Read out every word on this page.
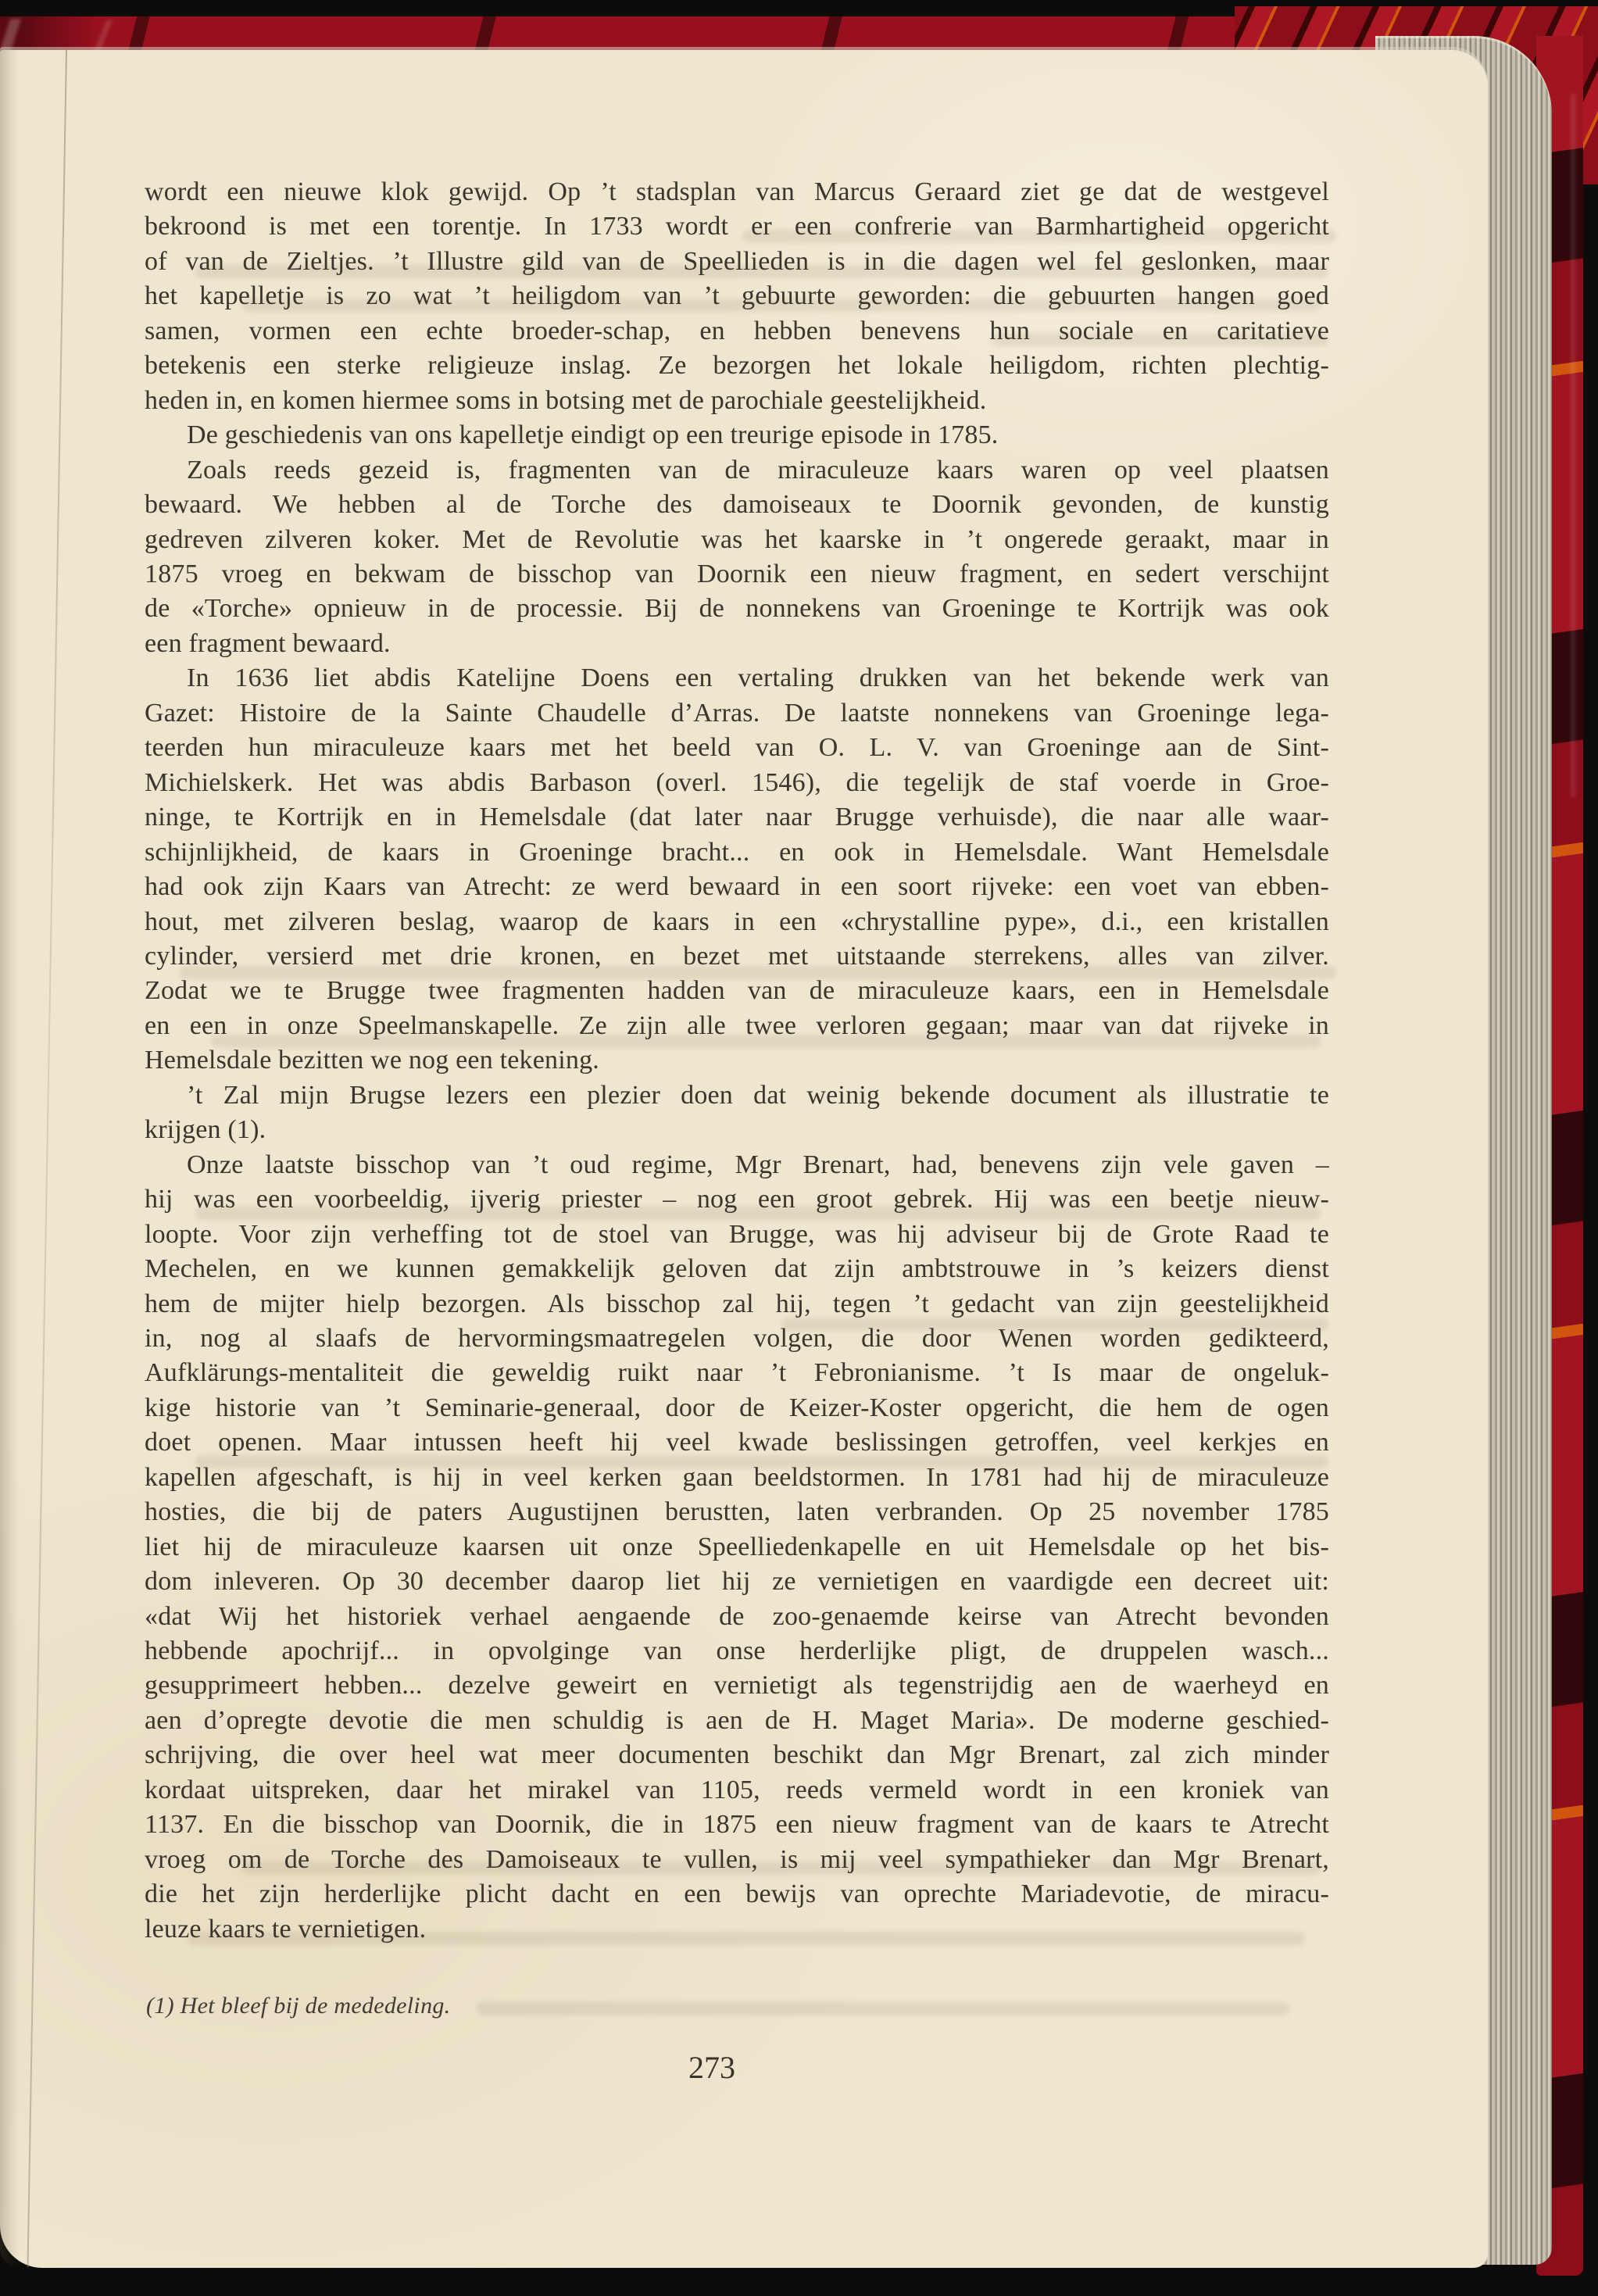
wordt een nieuwe klok gewijd. Op ’t stadsplan van Marcus Geraard ziet ge dat de westgevel
bekroond is met een torentje. In 1733 wordt er een confrerie van Barmhartigheid opgericht
of van de Zieltjes. ’t Illustre gild van de Speellieden is in die dagen wel fel geslonken, maar
het kapelletje is zo wat ’t heiligdom van ’t gebuurte geworden: die gebuurten hangen goed
samen, vormen een echte broeder-schap, en hebben benevens hun sociale en caritatieve
betekenis een sterke religieuze inslag. Ze bezorgen het lokale heiligdom, richten plechtig-
heden in, en komen hiermee soms in botsing met de parochiale geestelijkheid.
De geschiedenis van ons kapelletje eindigt op een treurige episode in 1785.
Zoals reeds gezeid is, fragmenten van de miraculeuze kaars waren op veel plaatsen
bewaard. We hebben al de Torche des damoiseaux te Doornik gevonden, de kunstig
gedreven zilveren koker. Met de Revolutie was het kaarske in ’t ongerede geraakt, maar in
1875 vroeg en bekwam de bisschop van Doornik een nieuw fragment, en sedert verschijnt
de «Torche» opnieuw in de processie. Bij de nonnekens van Groeninge te Kortrijk was ook
een fragment bewaard.
In 1636 liet abdis Katelijne Doens een vertaling drukken van het bekende werk van
Gazet: Histoire de la Sainte Chaudelle d’Arras. De laatste nonnekens van Groeninge lega-
teerden hun miraculeuze kaars met het beeld van O. L. V. van Groeninge aan de Sint-
Michielskerk. Het was abdis Barbason (overl. 1546), die tegelijk de staf voerde in Groe-
ninge, te Kortrijk en in Hemelsdale (dat later naar Brugge verhuisde), die naar alle waar-
schijnlijkheid, de kaars in Groeninge bracht... en ook in Hemelsdale. Want Hemelsdale
had ook zijn Kaars van Atrecht: ze werd bewaard in een soort rijveke: een voet van ebben-
hout, met zilveren beslag, waarop de kaars in een «chrystalline pype», d.i., een kristallen
cylinder, versierd met drie kronen, en bezet met uitstaande sterrekens, alles van zilver.
Zodat we te Brugge twee fragmenten hadden van de miraculeuze kaars, een in Hemelsdale
en een in onze Speelmanskapelle. Ze zijn alle twee verloren gegaan; maar van dat rijveke in
Hemelsdale bezitten we nog een tekening.
’t Zal mijn Brugse lezers een plezier doen dat weinig bekende document als illustratie te
krijgen (1).
Onze laatste bisschop van ’t oud regime, Mgr Brenart, had, benevens zijn vele gaven –
hij was een voorbeeldig, ijverig priester – nog een groot gebrek. Hij was een beetje nieuw-
loopte. Voor zijn verheffing tot de stoel van Brugge, was hij adviseur bij de Grote Raad te
Mechelen, en we kunnen gemakkelijk geloven dat zijn ambtstrouwe in ’s keizers dienst
hem de mijter hielp bezorgen. Als bisschop zal hij, tegen ’t gedacht van zijn geestelijkheid
in, nog al slaafs de hervormingsmaatregelen volgen, die door Wenen worden gedikteerd,
Aufklärungs-mentaliteit die geweldig ruikt naar ’t Febronianisme. ’t Is maar de ongeluk-
kige historie van ’t Seminarie-generaal, door de Keizer-Koster opgericht, die hem de ogen
doet openen. Maar intussen heeft hij veel kwade beslissingen getroffen, veel kerkjes en
kapellen afgeschaft, is hij in veel kerken gaan beeldstormen. In 1781 had hij de miraculeuze
hosties, die bij de paters Augustijnen berustten, laten verbranden. Op 25 november 1785
liet hij de miraculeuze kaarsen uit onze Speelliedenkapelle en uit Hemelsdale op het bis-
dom inleveren. Op 30 december daarop liet hij ze vernietigen en vaardigde een decreet uit:
«dat Wij het historiek verhael aengaende de zoo-genaemde keirse van Atrecht bevonden
hebbende apochrijf... in opvolginge van onse herderlijke pligt, de druppelen wasch...
gesupprimeert hebben... dezelve geweirt en vernietigt als tegenstrijdig aen de waerheyd en
aen d’opregte devotie die men schuldig is aen de H. Maget Maria». De moderne geschied-
schrijving, die over heel wat meer documenten beschikt dan Mgr Brenart, zal zich minder
kordaat uitspreken, daar het mirakel van 1105, reeds vermeld wordt in een kroniek van
1137. En die bisschop van Doornik, die in 1875 een nieuw fragment van de kaars te Atrecht
vroeg om de Torche des Damoiseaux te vullen, is mij veel sympathieker dan Mgr Brenart,
die het zijn herderlijke plicht dacht en een bewijs van oprechte Mariadevotie, de miracu-
leuze kaars te vernietigen.
(1) Het bleef bij de mededeling.
273
